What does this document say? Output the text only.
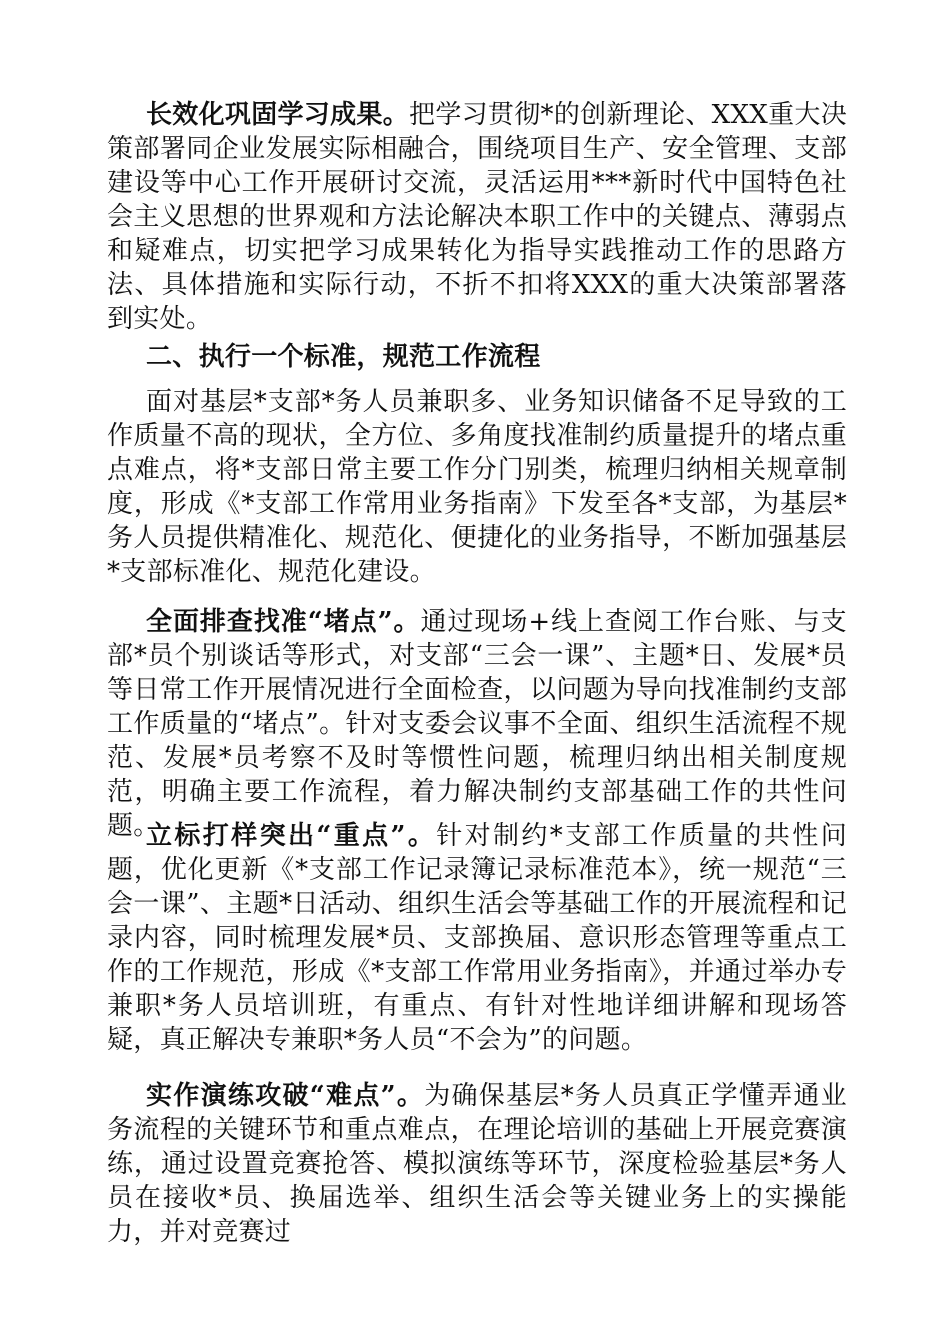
长效化巩固学习成果。把学习贯彻*的创新理论、XXX重大决策部署同企业发展实际相融合，围绕项目生产、安全管理、支部建设等中心工作开展研讨交流，灵活运用***新时代中国特色社会主义思想的世界观和方法论解决本职工作中的关键点、薄弱点和疑难点，切实把学习成果转化为指导实践推动工作的思路方法、具体措施和实际行动，不折不扣将XXX的重大决策部署落到实处。

二、执行一个标准，规范工作流程

面对基层*支部*务人员兼职多、业务知识储备不足导致的工作质量不高的现状，全方位、多角度找准制约质量提升的堵点重点难点，将*支部日常主要工作分门别类，梳理归纳相关规章制度，形成《*支部工作常用业务指南》下发至各*支部，为基层*务人员提供精准化、规范化、便捷化的业务指导，不断加强基层*支部标准化、规范化建设。

全面排查找准“堵点”。通过现场+线上查阅工作台账、与支部*员个别谈话等形式，对支部“三会一课”、主题*日、发展*员等日常工作开展情况进行全面检查，以问题为导向找准制约支部工作质量的“堵点”。针对支委会议事不全面、组织生活流程不规范、发展*员考察不及时等惯性问题，梳理归纳出相关制度规范，明确主要工作流程，着力解决制约支部基础工作的共性问题。

立标打样突出“重点”。针对制约*支部工作质量的共性问题，优化更新《*支部工作记录簿记录标准范本》，统一规范“三会一课”、主题*日活动、组织生活会等基础工作的开展流程和记录内容，同时梳理发展*员、支部换届、意识形态管理等重点工作的工作规范，形成《*支部工作常用业务指南》，并通过举办专兼职*务人员培训班，有重点、有针对性地详细讲解和现场答疑，真正解决专兼职*务人员“不会为”的问题。

实作演练攻破“难点”。为确保基层*务人员真正学懂弄通业务流程的关键环节和重点难点，在理论培训的基础上开展竞赛演练，通过设置竞赛抢答、模拟演练等环节，深度检验基层*务人员在接收*员、换届选举、组织生活会等关键业务上的实操能力，并对竞赛过
